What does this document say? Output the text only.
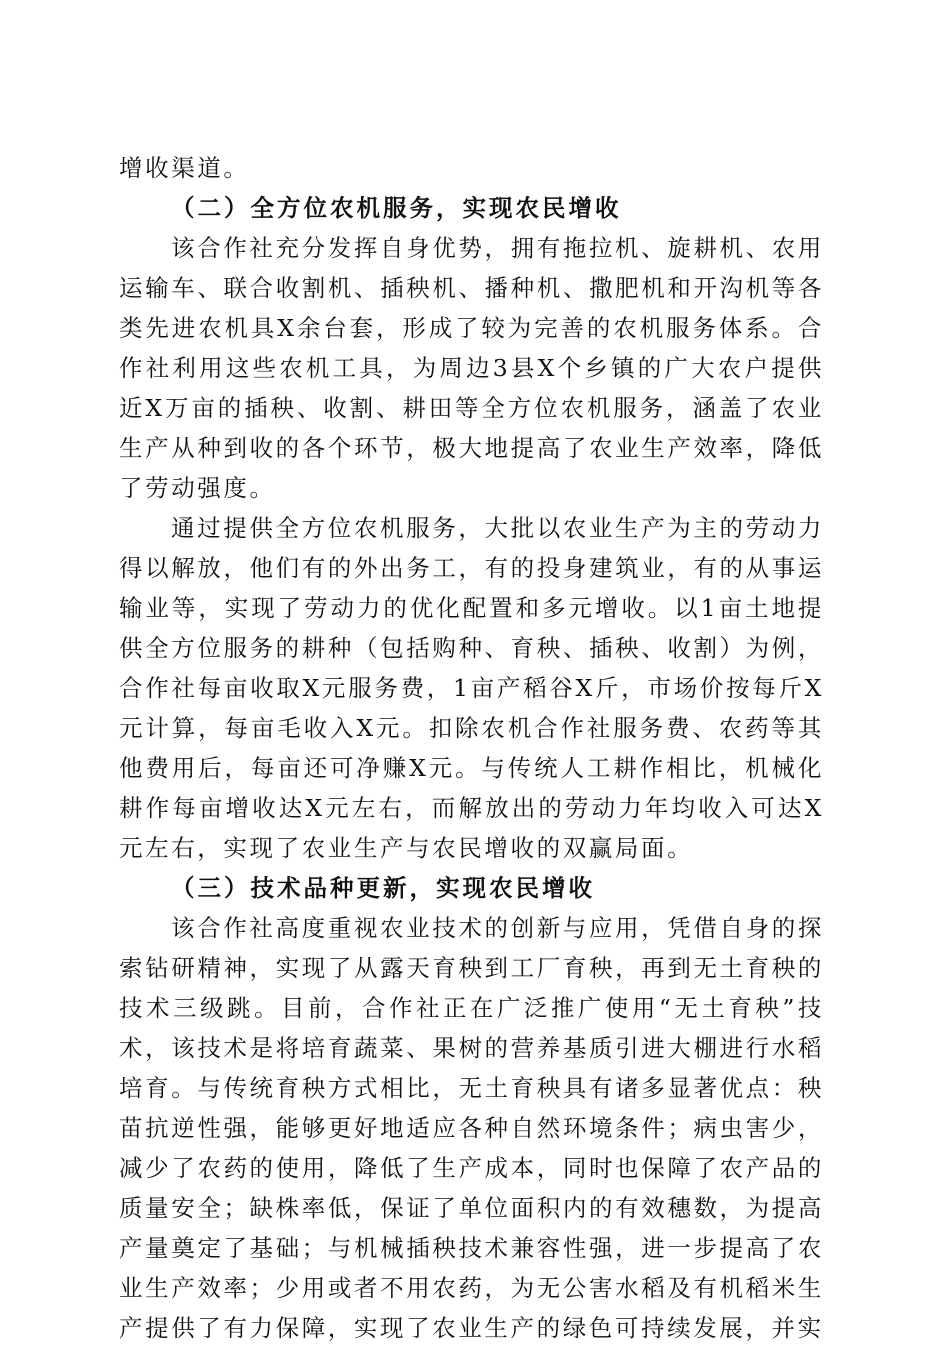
增收渠道。

（二）全方位农机服务，实现农民增收

该合作社充分发挥自身优势，拥有拖拉机、旋耕机、农用运输车、联合收割机、插秧机、播种机、撒肥机和开沟机等各类先进农机具X余台套，形成了较为完善的农机服务体系。合作社利用这些农机工具，为周边3县X个乡镇的广大农户提供近X万亩的插秧、收割、耕田等全方位农机服务，涵盖了农业生产从种到收的各个环节，极大地提高了农业生产效率，降低了劳动强度。

通过提供全方位农机服务，大批以农业生产为主的劳动力得以解放，他们有的外出务工，有的投身建筑业，有的从事运输业等，实现了劳动力的优化配置和多元增收。以1亩土地提供全方位服务的耕种（包括购种、育秧、插秧、收割）为例，合作社每亩收取X元服务费，1亩产稻谷X斤，市场价按每斤X元计算，每亩毛收入X元。扣除农机合作社服务费、农药等其他费用后，每亩还可净赚X元。与传统人工耕作相比，机械化耕作每亩增收达X元左右，而解放出的劳动力年均收入可达X元左右，实现了农业生产与农民增收的双赢局面。

（三）技术品种更新，实现农民增收

该合作社高度重视农业技术的创新与应用，凭借自身的探索钻研精神，实现了从露天育秧到工厂育秧，再到无土育秧的技术三级跳。目前，合作社正在广泛推广使用“无土育秧”技术，该技术是将培育蔬菜、果树的营养基质引进大棚进行水稻培育。与传统育秧方式相比，无土育秧具有诸多显著优点：秧苗抗逆性强，能够更好地适应各种自然环境条件；病虫害少，减少了农药的使用，降低了生产成本，同时也保障了农产品的质量安全；缺株率低，保证了单位面积内的有效穗数，为提高产量奠定了基础；与机械插秧技术兼容性强，进一步提高了农业生产效率；少用或者不用农药，为无公害水稻及有机稻米生产提供了有力保障，实现了农业生产的绿色可持续发展，并实
